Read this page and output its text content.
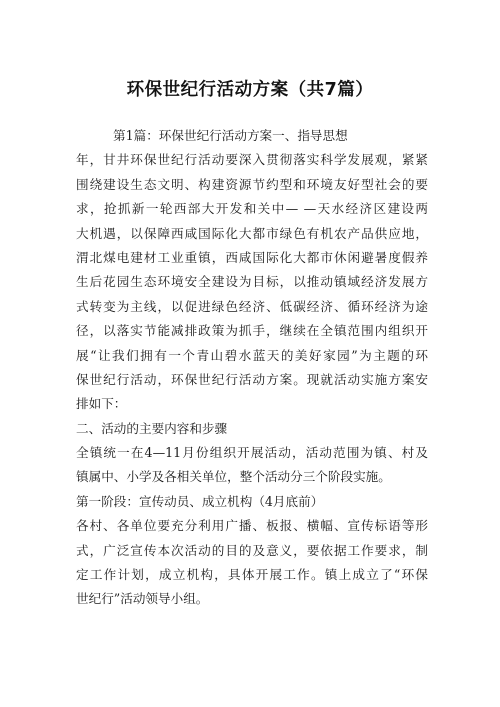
环保世纪行活动方案（共7篇）
第1篇：环保世纪行活动方案一、指导思想
年，甘井环保世纪行活动要深入贯彻落实科学发展观，紧紧
围绕建设生态文明、构建资源节约型和环境友好型社会的要
求，抢抓新一轮西部大开发和关中— —天水经济区建设两
大机遇，以保障西咸国际化大都市绿色有机农产品供应地，
渭北煤电建材工业重镇，西咸国际化大都市休闲避暑度假养
生后花园生态环境安全建设为目标，以推动镇域经济发展方
式转变为主线，以促进绿色经济、低碳经济、循环经济为途
径，以落实节能减排政策为抓手，继续在全镇范围内组织开
展“让我们拥有一个青山碧水蓝天的美好家园”为主题的环
保世纪行活动，环保世纪行活动方案。现就活动实施方案安
排如下：
二、活动的主要内容和步骤
全镇统一在4—11月份组织开展活动，活动范围为镇、村及
镇属中、小学及各相关单位，整个活动分三个阶段实施。
第一阶段：宣传动员、成立机构（4月底前）
各村、各单位要充分利用广播、板报、横幅、宣传标语等形
式，广泛宣传本次活动的目的及意义，要依据工作要求，制
定工作计划，成立机构，具体开展工作。镇上成立了“环保
世纪行”活动领导小组。
